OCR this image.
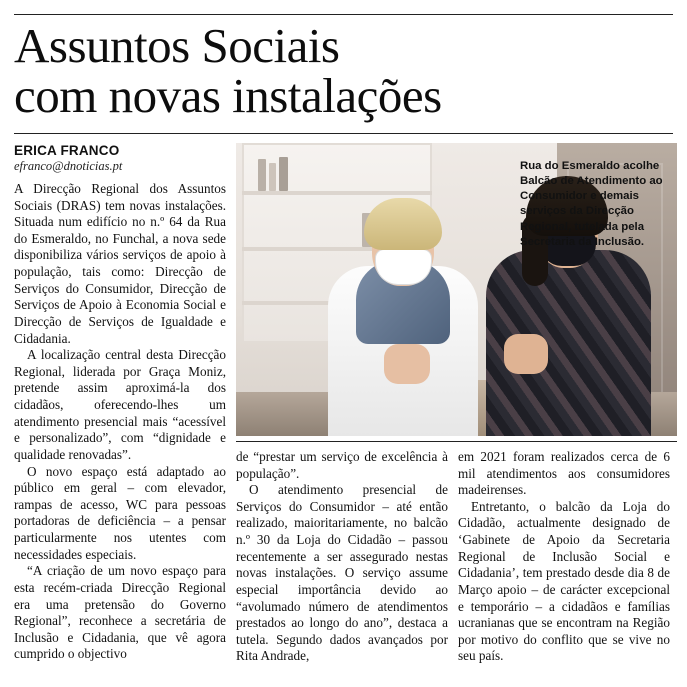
Assuntos Sociais
com novas instalações
ERICA FRANCO
efranco@dnoticias.pt

A Direcção Regional dos Assuntos Sociais (DRAS) tem novas instalações. Situada num edifício no n.º 64 da Rua do Esmeraldo, no Funchal, a nova sede disponibiliza vários serviços de apoio à população, tais como: Direcção de Serviços do Consumidor, Direcção de Serviços de Apoio à Economia Social e Direcção de Serviços de Igualdade e Cidadania.

A localização central desta Direcção Regional, liderada por Graça Moniz, pretende assim aproximá-la dos cidadãos, oferecendo-lhes um atendimento presencial mais “acessível e personalizado”, com “dignidade e qualidade renovadas”.

O novo espaço está adaptado ao público em geral – com elevador, rampas de acesso, WC para pessoas portadoras de deficiência – a pensar particularmente nos utentes com necessidades especiais.

“A criação de um novo espaço para esta recém-criada Direcção Regional era uma pretensão do Governo Regional”, reconhece a secretária de Inclusão e Cidadania, que vê agora cumprido o objectivo

Rua do Esmeraldo acolhe Balcão de Atendimento ao Consumidor e demais serviços da Direcção Regional, tutelada pela Secretaria da Inclusão.

de “prestar um serviço de excelência à população”.

O atendimento presencial de Serviços do Consumidor – até então realizado, maioritariamente, no balcão n.º 30 da Loja do Cidadão – passou recentemente a ser assegurado nestas novas instalações. O serviço assume especial importância devido ao “avolumado número de atendimentos prestados ao longo do ano”, destaca a tutela. Segundo dados avançados por Rita Andrade,

em 2021 foram realizados cerca de 6 mil atendimentos aos consumidores madeirenses.

Entretanto, o balcão da Loja do Cidadão, actualmente designado de ‘Gabinete de Apoio da Secretaria Regional de Inclusão Social e Cidadania’, tem prestado desde dia 8 de Março apoio – de carácter excepcional e temporário – a cidadãos e famílias ucranianas que se encontram na Região por motivo do conflito que se vive no seu país.
